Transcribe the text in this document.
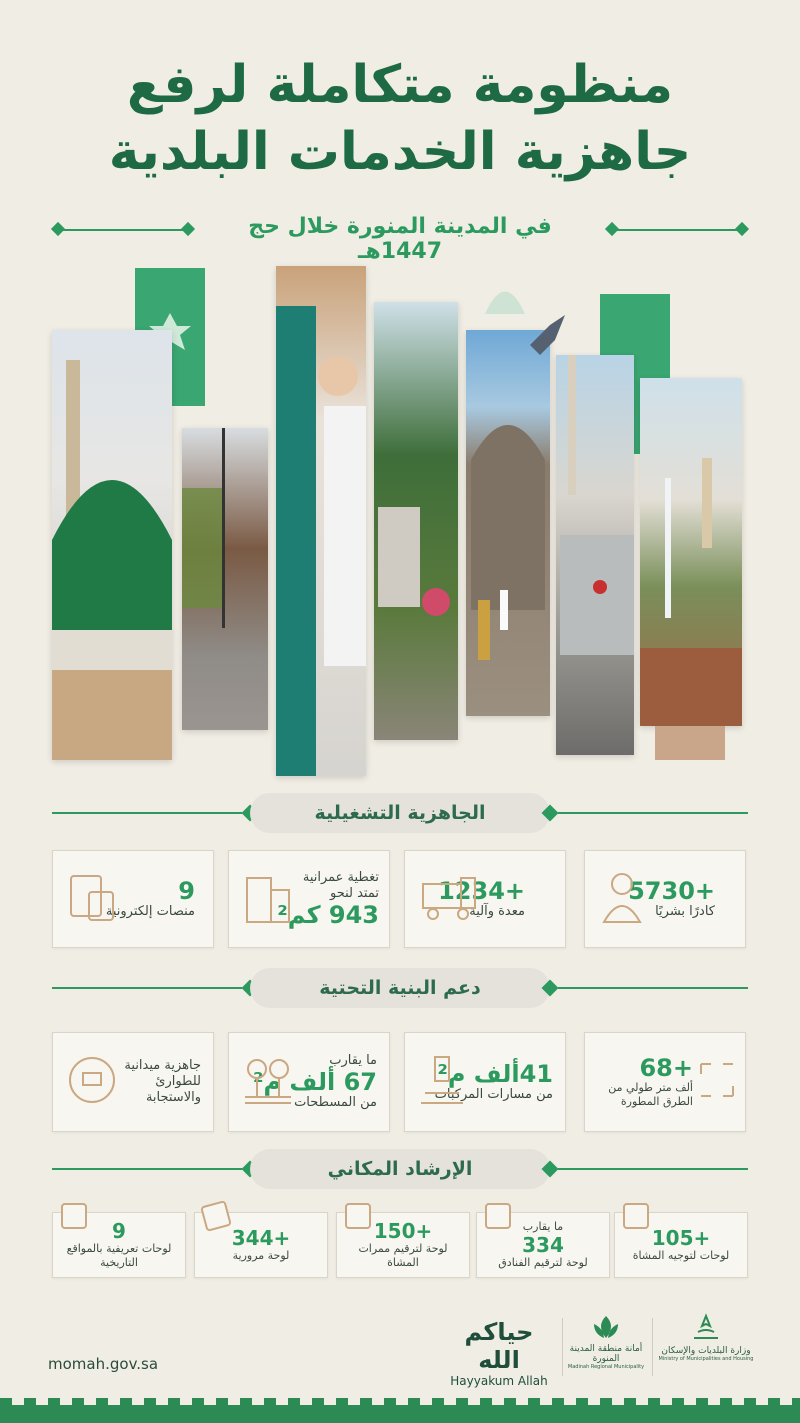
منظومة متكاملة لرفع
جاهزية الخدمات البلدية
في المدينة المنورة خلال حج 1447هـ
الجاهزية التشغيلية
+5730
كادرًا بشريًا
+1234
معدة وآلية
تغطية عمرانية
تمتد لنحو
943 كم²
9
منصات إلكترونية
دعم البنية التحتية
+68
ألف متر طولي من الطرق المطورة
41ألف م²
من مسارات المركبات
ما يقارب
67 ألف م²
من المسطحات
جاهزية ميدانية للطوارئ والاستجابة
الإرشاد المكاني
+105
لوحات لتوجيه المشاة
ما يقارب
334
لوحة لترقيم الفنادق
+150
لوحة لترقيم ممرات المشاة
+344
لوحة مرورية
9
لوحات تعريفية بالمواقع التاريخية
momah.gov.sa
حياكم الله
Hayyakum Allah
أمانة منطقة المدينة المنورة
Madinah Regional Municipality
وزارة البلديات والإسكان
Ministry of Municipalities and Housing
